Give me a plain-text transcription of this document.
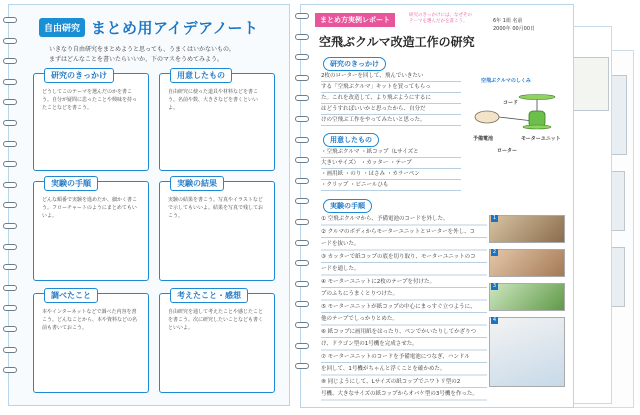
自由研究 まとめ用アイデアノート
いきなり自由研究をまとめようと思っても、うまくはいかないもの。
まずはどんなことを書いたらいいか、下のマスをうめてみよう。
研究のきっかけ
どうしてこのテーマを選んだのかを書こう。自分が疑問に思ったことや興味を持ったことなどを書こう。
用意したもの
自由研究に使った道具や材料などを書こう。名前や数、大きさなどを書くといいよ。
実験の手順
どんな順番で実験を進めたか、細かく書こう。フローチャートのようにまとめてもいいよ。
実験の結果
実験の結果を書こう。写真やイラストなどで示してもいいよ。結果を写真で残しておこう。
調べたこと
本やインターネットなどで調べた内容を書こう。どんなことから、本や資料などの名前も書いておこう。
考えたこと・感想
自由研究を通して考えたことや感じたことを書こう。次に研究したいことなども書くといいよ。
まとめ方実例レポート	6年 1組 名前
2000年 00月00日
研究のきっかけには、なぜその
テーマを選んだかを書こう。
空飛ぶクルマ改造工作の研究
研究のきっかけ
2枚のローターを回して、飛んでいきたい
する「空飛ぶクルマ」キットを買ってもらっ
た。これを改造して、より飛ぶようにするに
はどうすればいいかと思ったから、自分だ
けの空飛ぶ工作をやってみたいと思った。
用意したもの
・空飛ぶクルマ ・紙コップ（Lサイズと
大きいサイズ） ・カッター ・テープ
・画用紙 ・のり ・はさみ ・カラーペン
・クリップ ・ビニールひも
空飛ぶクルマのしくみ
予備電池
コード
モーターユニット
ローター
実験の手順
① 空飛ぶクルマから、予備電池のコードを外した。
② クルマのボディからモーターユニットとローターを外し、コ
ードを抜いた。
③ カッターで紙コップの底を切り取り、モーターユニットのコ
ードを通した。
④ モーターユニットに2枚のテープを付けた。
プのふちにうまくとりつけた。
⑤ モーターユニットが紙コップの中心にまっすぐ立つように、
他のテープでしっかりとめた。
⑥ 紙コップに画用紙をはったり、ペンでかいたりしてかざりつ
け、ドラゴン型の1号機を完成させた。
⑦ モーターユニットのコードを予備電池につなぎ、ハンドル
を回して、1号機がちゃんと浮くことを確かめた。
⑧ 同じようにして、Lサイズの紙コップでニワトリ型の2
号機、大きなサイズの紙コップからオバケ型の3号機を作った。
1
2
3
4
